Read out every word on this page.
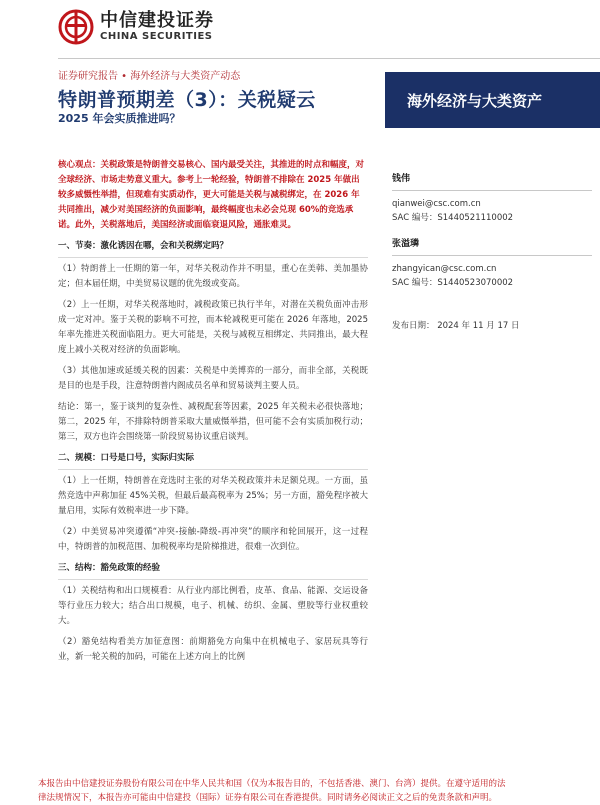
中信建投证券
CHINA SECURITIES
证券研究报告 • 海外经济与大类资产动态
特朗普预期差（3）：关税疑云
2025 年会实质推进吗？
海外经济与大类资产

核心观点：关税政策是特朗普交易核心、国内最受关注，其推进的时点和幅度，对全球经济、市场走势意义重大。参考上一轮经验，特朗普不排除在 2025 年做出较多威慑性举措，但现难有实质动作，更大可能是关税与减税绑定，在 2026 年共同推出，减少对美国经济的负面影响，最终幅度也未必会兑现 60%的竞选承诺。此外，关税落地后，美国经济或面临衰退风险，通胀难灵。

一、节奏：激化诱因在哪，会和关税绑定吗？

（1）特朗普上一任期的第一年，对华关税动作并不明显，重心在美韩、美加墨协定；但本届任期，中美贸易议题的优先级或变高。

（2）上一任期，对华关税落地时，减税政策已执行半年，对潜在关税负面冲击形成一定对冲。鉴于关税的影响不可控，而本轮减税更可能在 2026 年落地，2025 年率先推进关税面临阻力。更大可能是，关税与减税互相绑定、共同推出，最大程度上减小关税对经济的负面影响。

（3）其他加速或延缓关税的因素：关税是中美博弈的一部分，而非全部，关税既是目的也是手段，注意特朗普内阁成员名单和贸易谈判主要人员。

结论：第一，鉴于谈判的复杂性、减税配套等因素，2025 年关税未必很快落地；第二，2025 年，不排除特朗普采取大量威慑举措，但可能不会有实质加税行动；第三，双方也许会围绕第一阶段贸易协议重启谈判。

二、规模：口号是口号，实际归实际

（1）上一任期，特朗普在竞选时主张的对华关税政策并未足额兑现。一方面，虽然竞选中声称加征 45%关税，但最后最高税率为 25%；另一方面，豁免程序被大量启用，实际有效税率进一步下降。

（2）中美贸易冲突遵循“冲突-接触-降级-再冲突”的顺序和轮回展开，这一过程中，特朗普的加税范围、加税税率均是阶梯推进，很难一次到位。

三、结构：豁免政策的经验

（1）关税结构和出口规模看：从行业内部比例看，皮革、食品、能源、交运设备等行业压力较大；结合出口规模，电子、机械、纺织、金属、塑胶等行业权重较大。

（2）豁免结构看美方加征意图：前期豁免方向集中在机械电子、家居玩具等行业，新一轮关税的加码，可能在上述方向上的比例

钱伟
qianwei@csc.com.cn
SAC 编号：S1440521110002
张溢璘
zhangyican@csc.com.cn
SAC 编号：S1440523070002
发布日期： 2024 年 11 月 17 日
本报告由中信建投证券股份有限公司在中华人民共和国（仅为本报告目的，不包括香港、澳门、台湾）提供。在遵守适用的法
律法规情况下，本报告亦可能由中信建投（国际）证券有限公司在香港提供。同时请务必阅读正文之后的免责条款和声明。
